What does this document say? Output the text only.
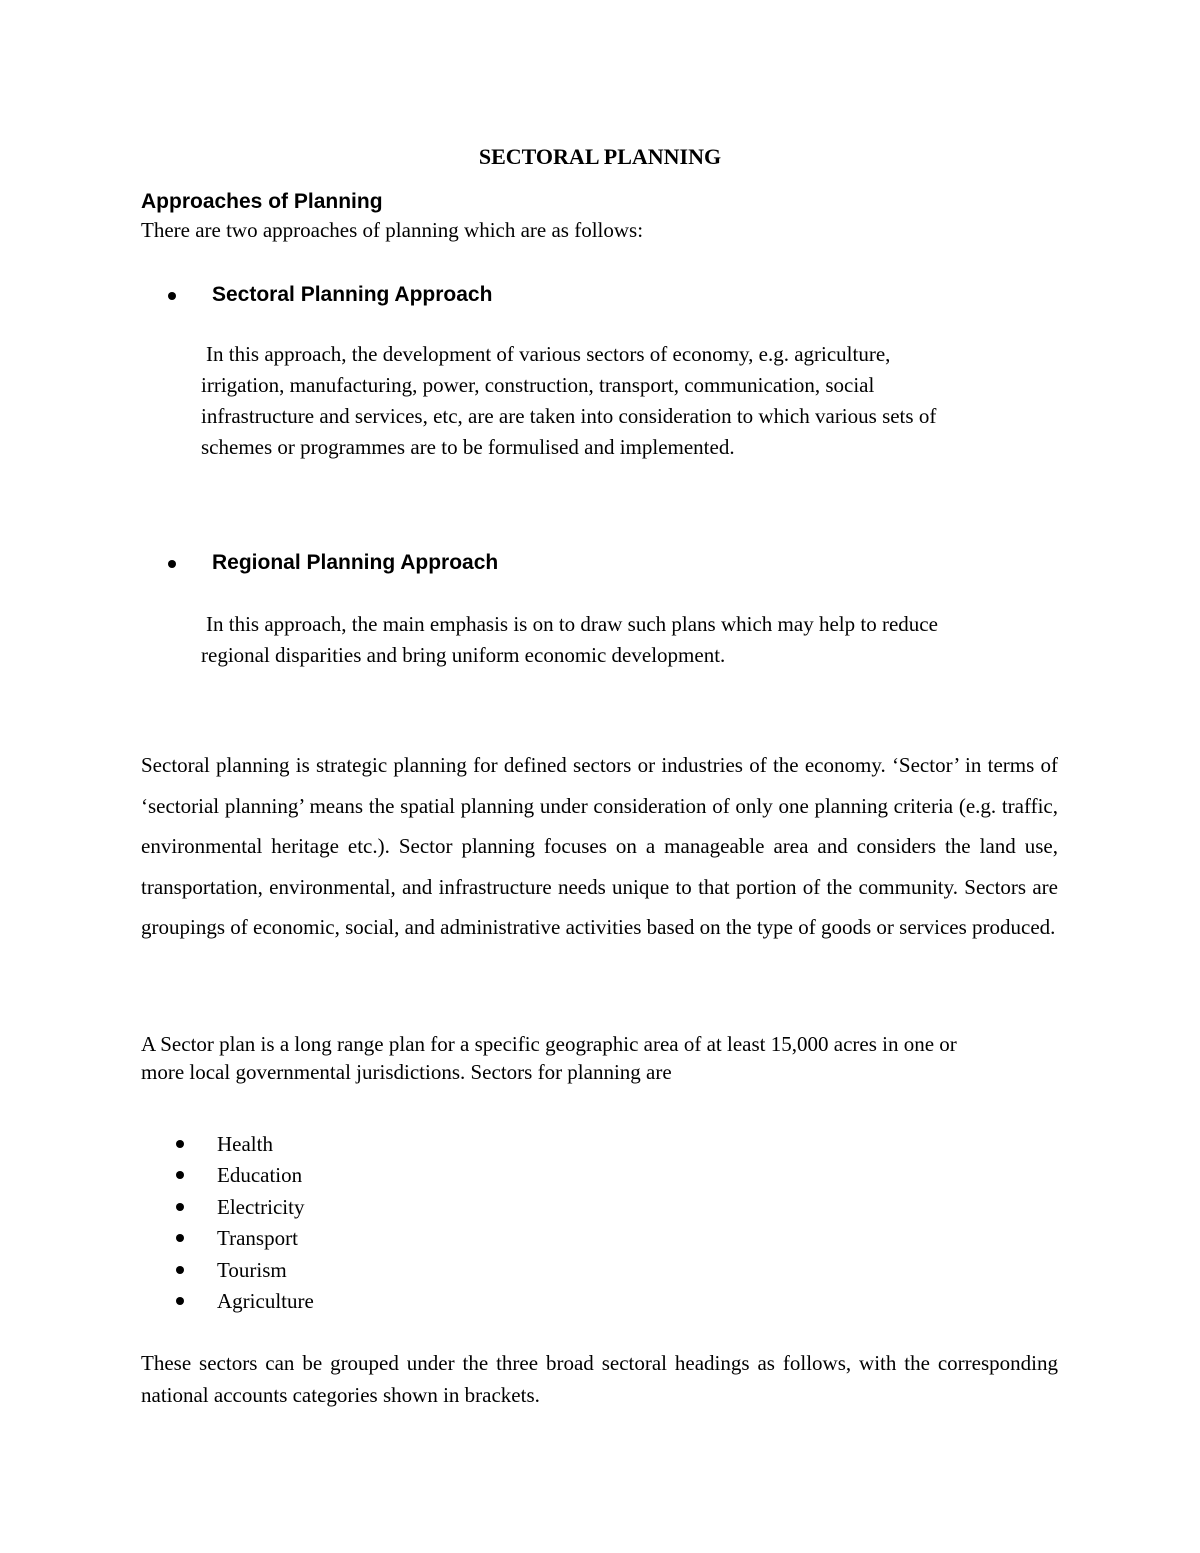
SECTORAL PLANNING
Approaches of Planning
There are two approaches of planning which are as follows:
Sectoral Planning Approach
In this approach, the development of various sectors of economy, e.g. agriculture,
irrigation, manufacturing, power, construction, transport, communication, social
infrastructure and services, etc, are are taken into consideration to which various sets of
schemes or programmes are to be formulised and implemented.
Regional Planning Approach
In this approach, the main emphasis is on to draw such plans which may help to reduce
regional disparities and bring uniform economic development.

Sectoral planning is strategic planning for defined sectors or industries of the economy. ‘Sector’ in terms of ‘sectorial planning’ means the spatial planning under consideration of only one planning criteria (e.g. traffic, environmental heritage etc.). Sector planning focuses on a manageable area and considers the land use, transportation, environmental, and infrastructure needs unique to that portion of the community. Sectors are groupings of economic, social, and administrative activities based on the type of goods or services produced.

A Sector plan is a long range plan for a specific geographic area of at least 15,000 acres in one or
more local governmental jurisdictions. Sectors for planning are
Health
Education
Electricity
Transport
Tourism
Agriculture

These sectors can be grouped under the three broad sectoral headings as follows, with the corresponding national accounts categories shown in brackets.
